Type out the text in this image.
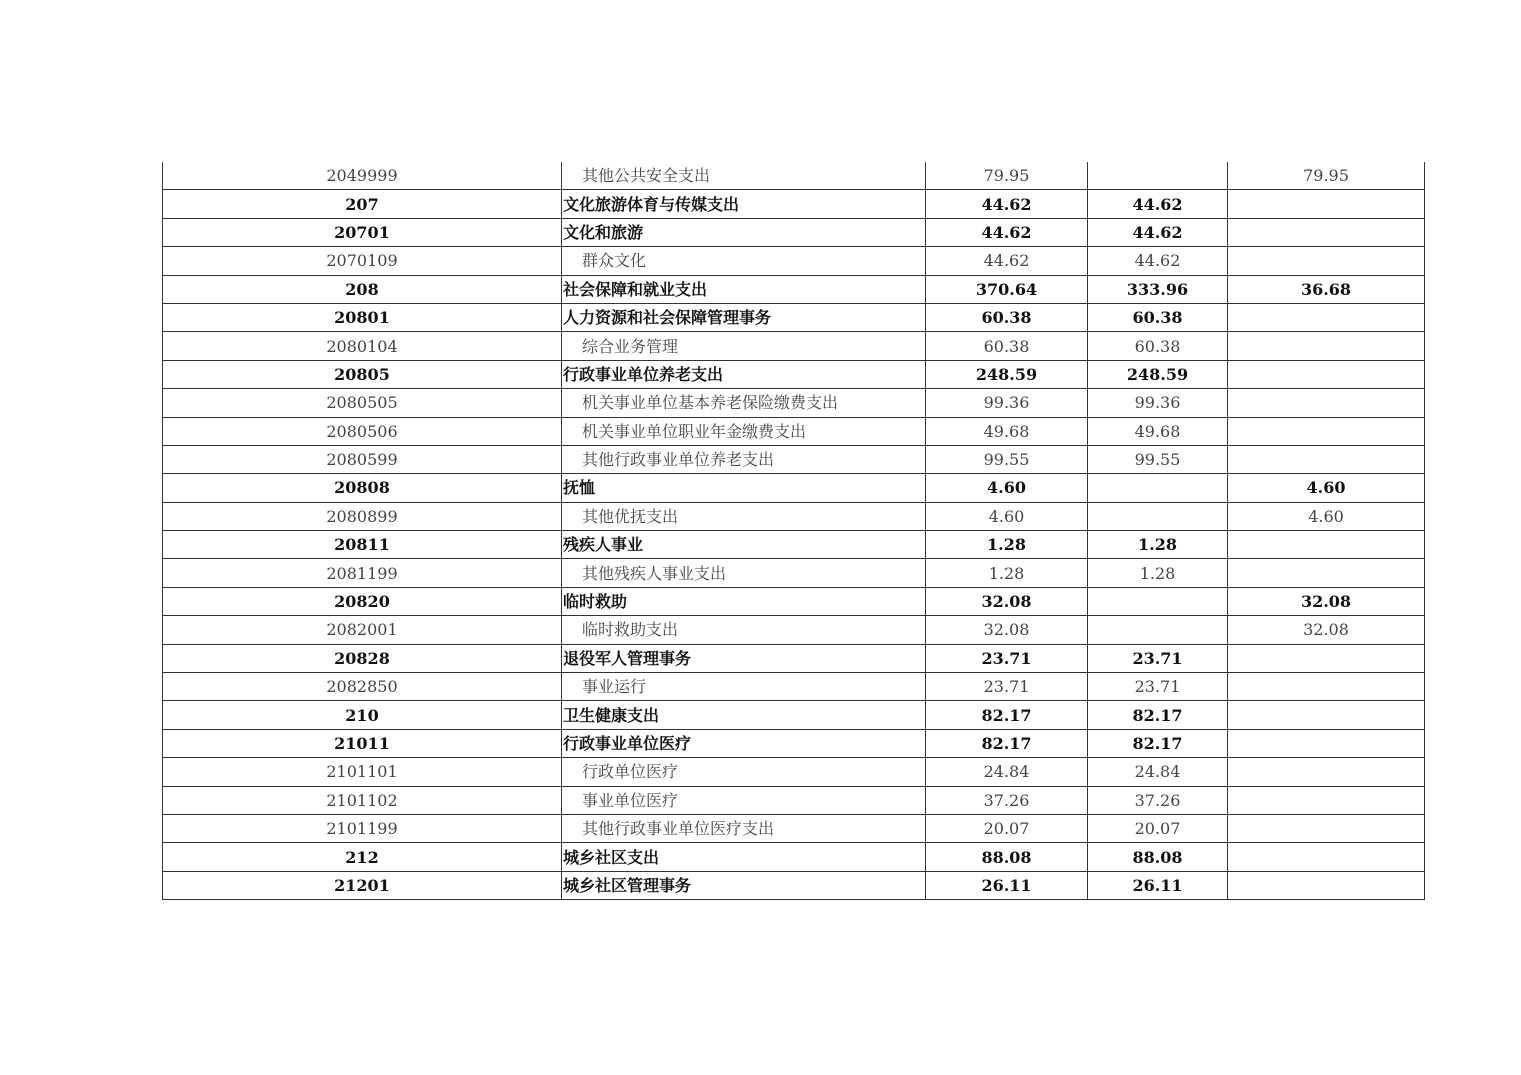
2049999	其他公共安全支出	79.95		79.95
207	文化旅游体育与传媒支出	44.62	44.62	
20701	文化和旅游	44.62	44.62	
2070109	群众文化	44.62	44.62	
208	社会保障和就业支出	370.64	333.96	36.68
20801	人力资源和社会保障管理事务	60.38	60.38	
2080104	综合业务管理	60.38	60.38	
20805	行政事业单位养老支出	248.59	248.59	
2080505	机关事业单位基本养老保险缴费支出	99.36	99.36	
2080506	机关事业单位职业年金缴费支出	49.68	49.68	
2080599	其他行政事业单位养老支出	99.55	99.55	
20808	抚恤	4.60		4.60
2080899	其他优抚支出	4.60		4.60
20811	残疾人事业	1.28	1.28	
2081199	其他残疾人事业支出	1.28	1.28	
20820	临时救助	32.08		32.08
2082001	临时救助支出	32.08		32.08
20828	退役军人管理事务	23.71	23.71	
2082850	事业运行	23.71	23.71	
210	卫生健康支出	82.17	82.17	
21011	行政事业单位医疗	82.17	82.17	
2101101	行政单位医疗	24.84	24.84	
2101102	事业单位医疗	37.26	37.26	
2101199	其他行政事业单位医疗支出	20.07	20.07	
212	城乡社区支出	88.08	88.08	
21201	城乡社区管理事务	26.11	26.11	
